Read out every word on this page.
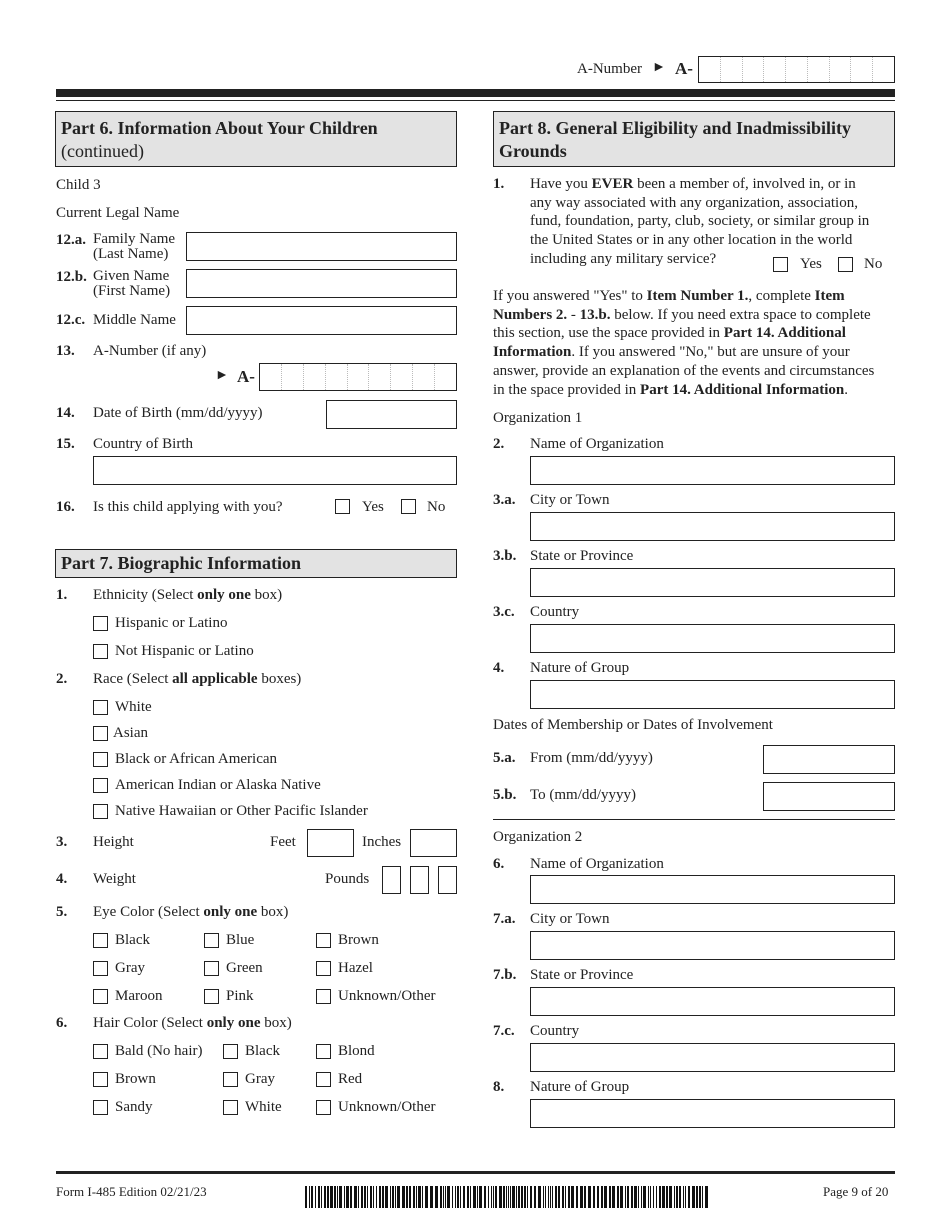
A-Number ► A-
Part 6. Information About Your Children
(continued)
Child 3
Current Legal Name
12.a. Family Name
(Last Name)
12.b. Given Name
(First Name)
12.c. Middle Name
13. A-Number (if any)
► A-
14. Date of Birth (mm/dd/yyyy)
15. Country of Birth
16. Is this child applying with you?	Yes	No
Part 7. Biographic Information
1. Ethnicity (Select only one box)
Hispanic or Latino
Not Hispanic or Latino
2. Race (Select all applicable boxes)
White
Asian
Black or African American
American Indian or Alaska Native
Native Hawaiian or Other Pacific Islander
3. Height	Feet	Inches
4. Weight	Pounds
5. Eye Color (Select only one box)
Black	Blue	Brown
Gray	Green	Hazel
Maroon	Pink	Unknown/Other
6. Hair Color (Select only one box)
Bald (No hair)	Black	Blond
Brown	Gray	Red
Sandy	White	Unknown/Other
Part 8. General Eligibility and Inadmissibility
Grounds
1. Have you EVER been a member of, involved in, or in
any way associated with any organization, association,
fund, foundation, party, club, society, or similar group in
the United States or in any other location in the world
including any military service?	Yes	No
If you answered "Yes" to Item Number 1., complete Item
Numbers 2. - 13.b. below. If you need extra space to complete
this section, use the space provided in Part 14. Additional
Information. If you answered "No," but are unsure of your
answer, provide an explanation of the events and circumstances
in the space provided in Part 14. Additional Information.
Organization 1
2. Name of Organization
3.a. City or Town
3.b. State or Province
3.c. Country
4. Nature of Group
Dates of Membership or Dates of Involvement
5.a. From (mm/dd/yyyy)
5.b. To (mm/dd/yyyy)
Organization 2
6. Name of Organization
7.a. City or Town
7.b. State or Province
7.c. Country
8. Nature of Group
Form I-485 Edition 02/21/23	Page 9 of 20
